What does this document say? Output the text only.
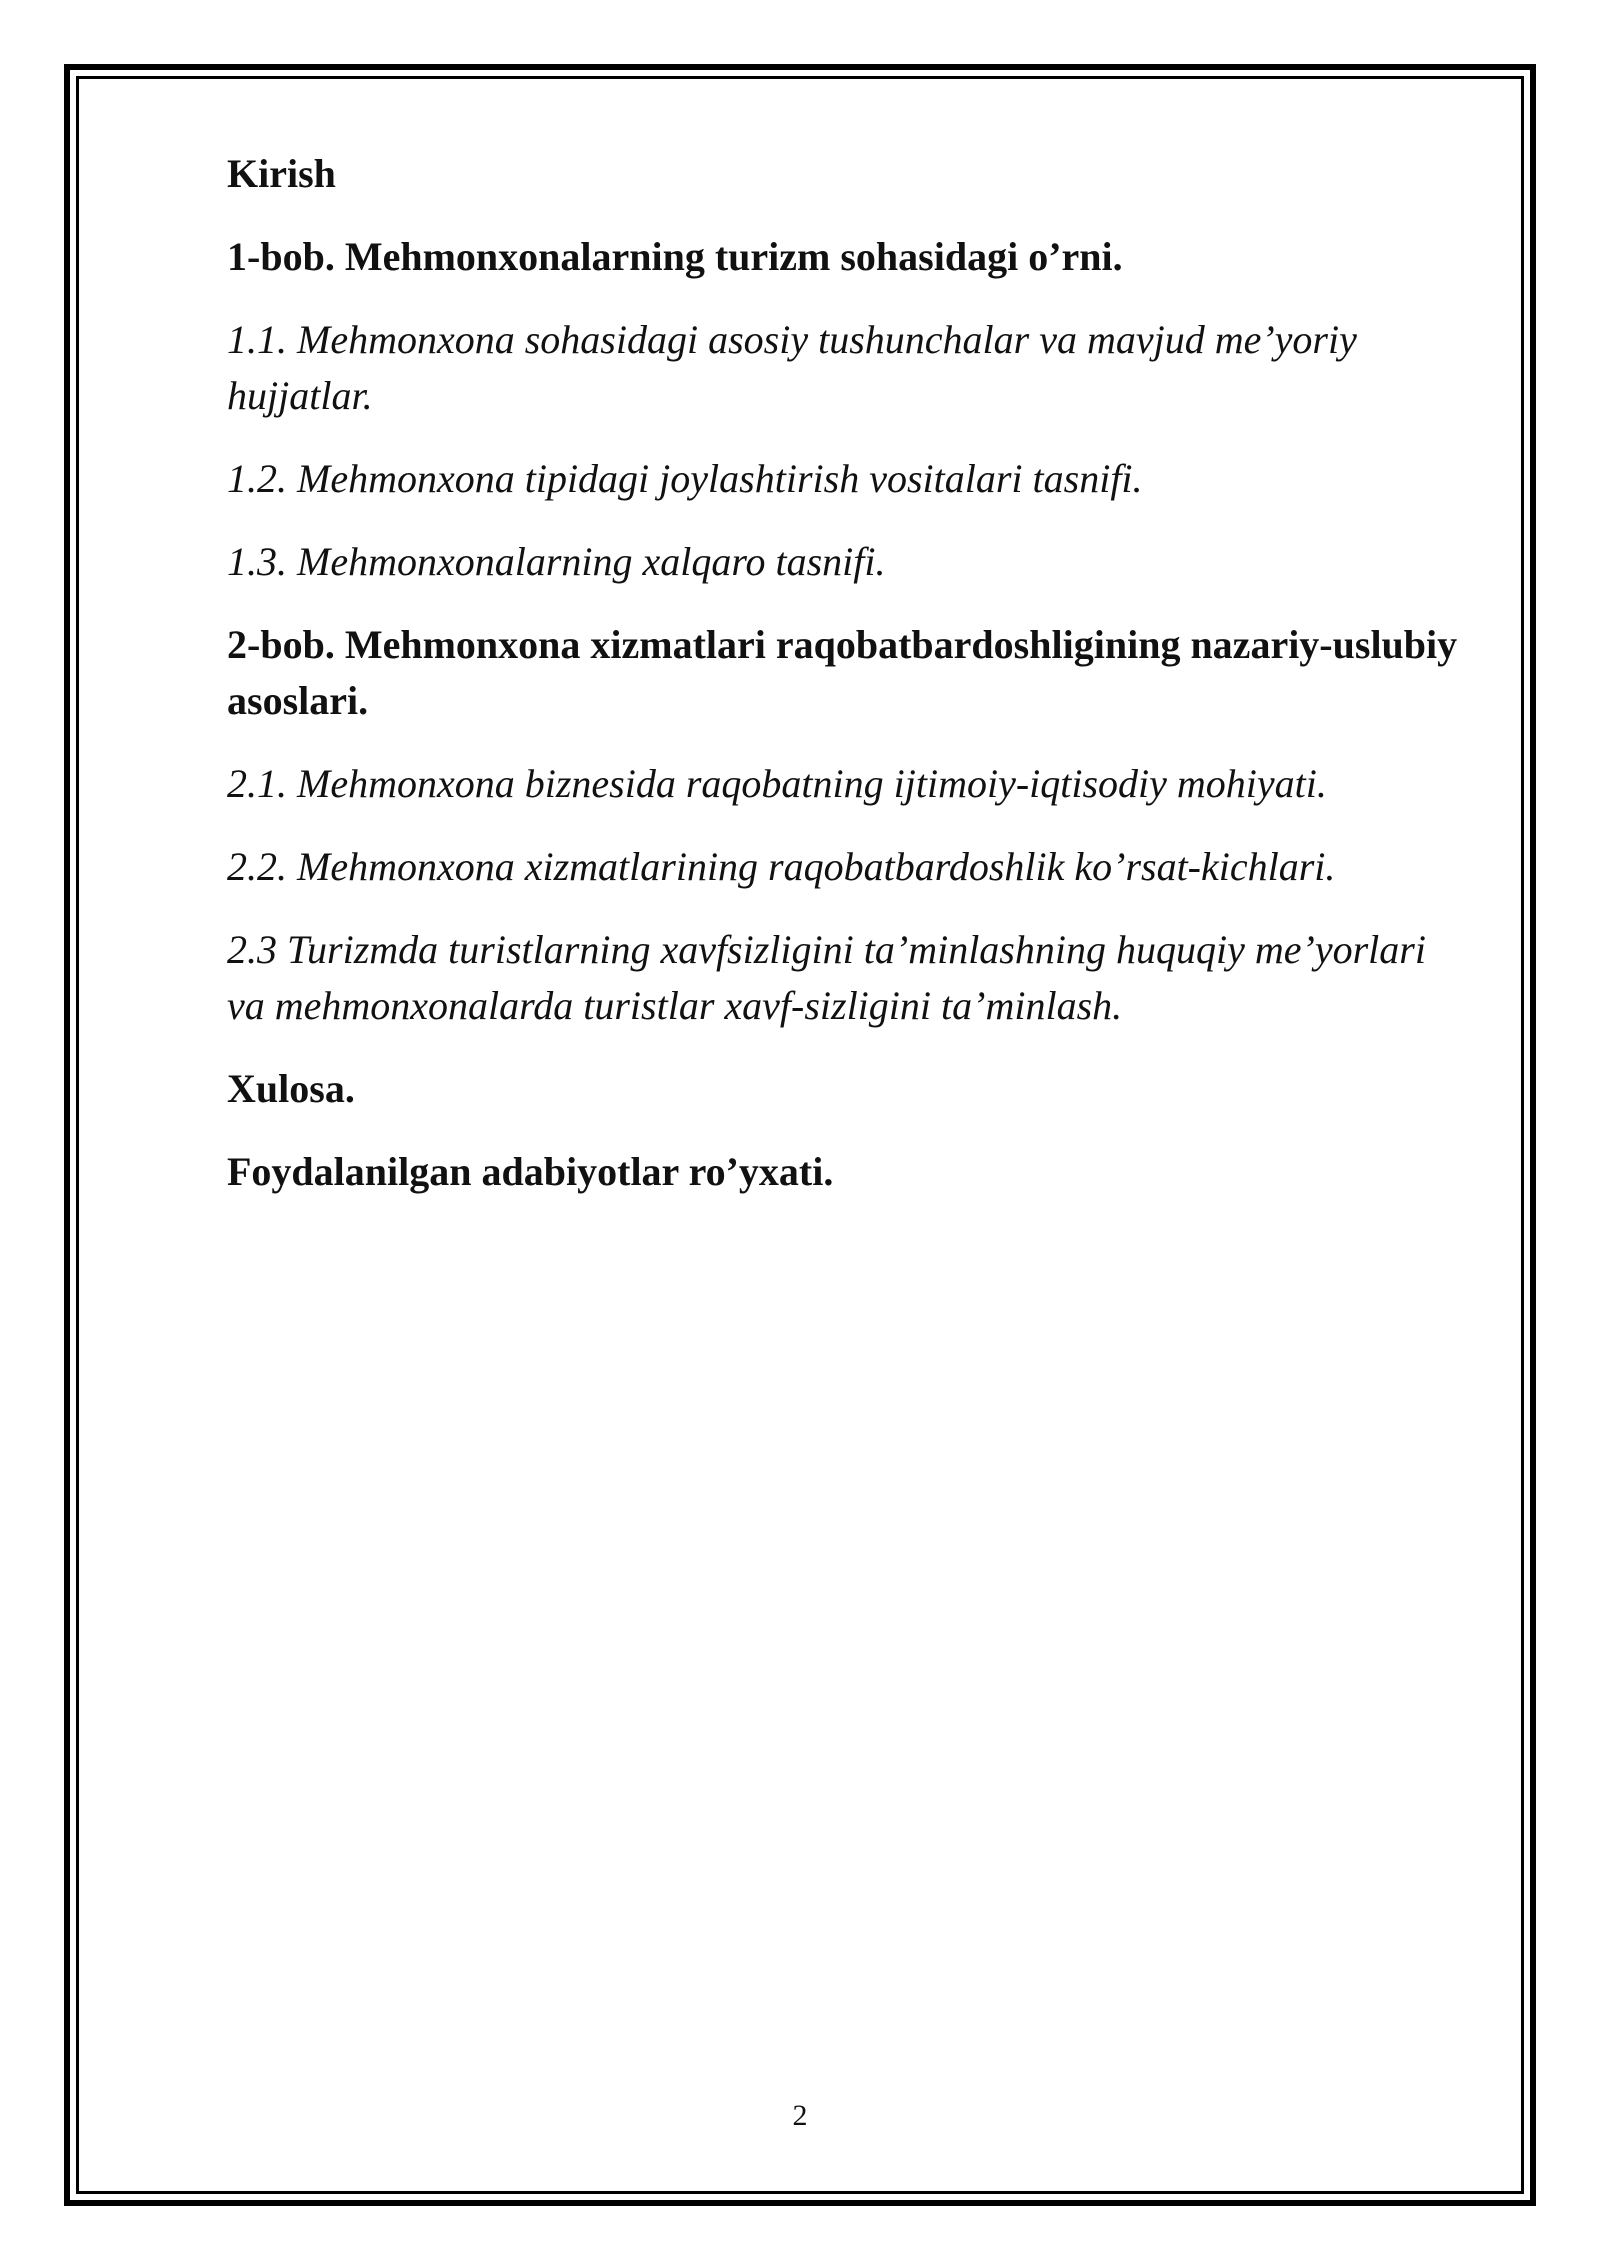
Kirish

1-bob. Mehmonxonalarning turizm sohasidagi o’rni.

1.1. Mehmonxona sohasidagi asosiy tushunchalar va mavjud me’yoriy hujjatlar.

1.2. Mehmonxona tipidagi joylashtirish vositalari tasnifi.

1.3. Mehmonxonalarning xalqaro tasnifi.

2-bob. Mehmonxona xizmatlari raqobatbardoshligining nazariy-uslubiy asoslari.

2.1. Mehmonxona biznesida raqobatning ijtimoiy-iqtisodiy mohiyati.

2.2. Mehmonxona xizmatlarining raqobatbardoshlik ko’rsat-kichlari.

2.3 Turizmda turistlarning xavfsizligini ta’minlashning huquqiy me’yorlari va mehmonxonalarda turistlar xavf-sizligini ta’minlash.

Xulosa.

Foydalanilgan adabiyotlar ro’yxati.

2
